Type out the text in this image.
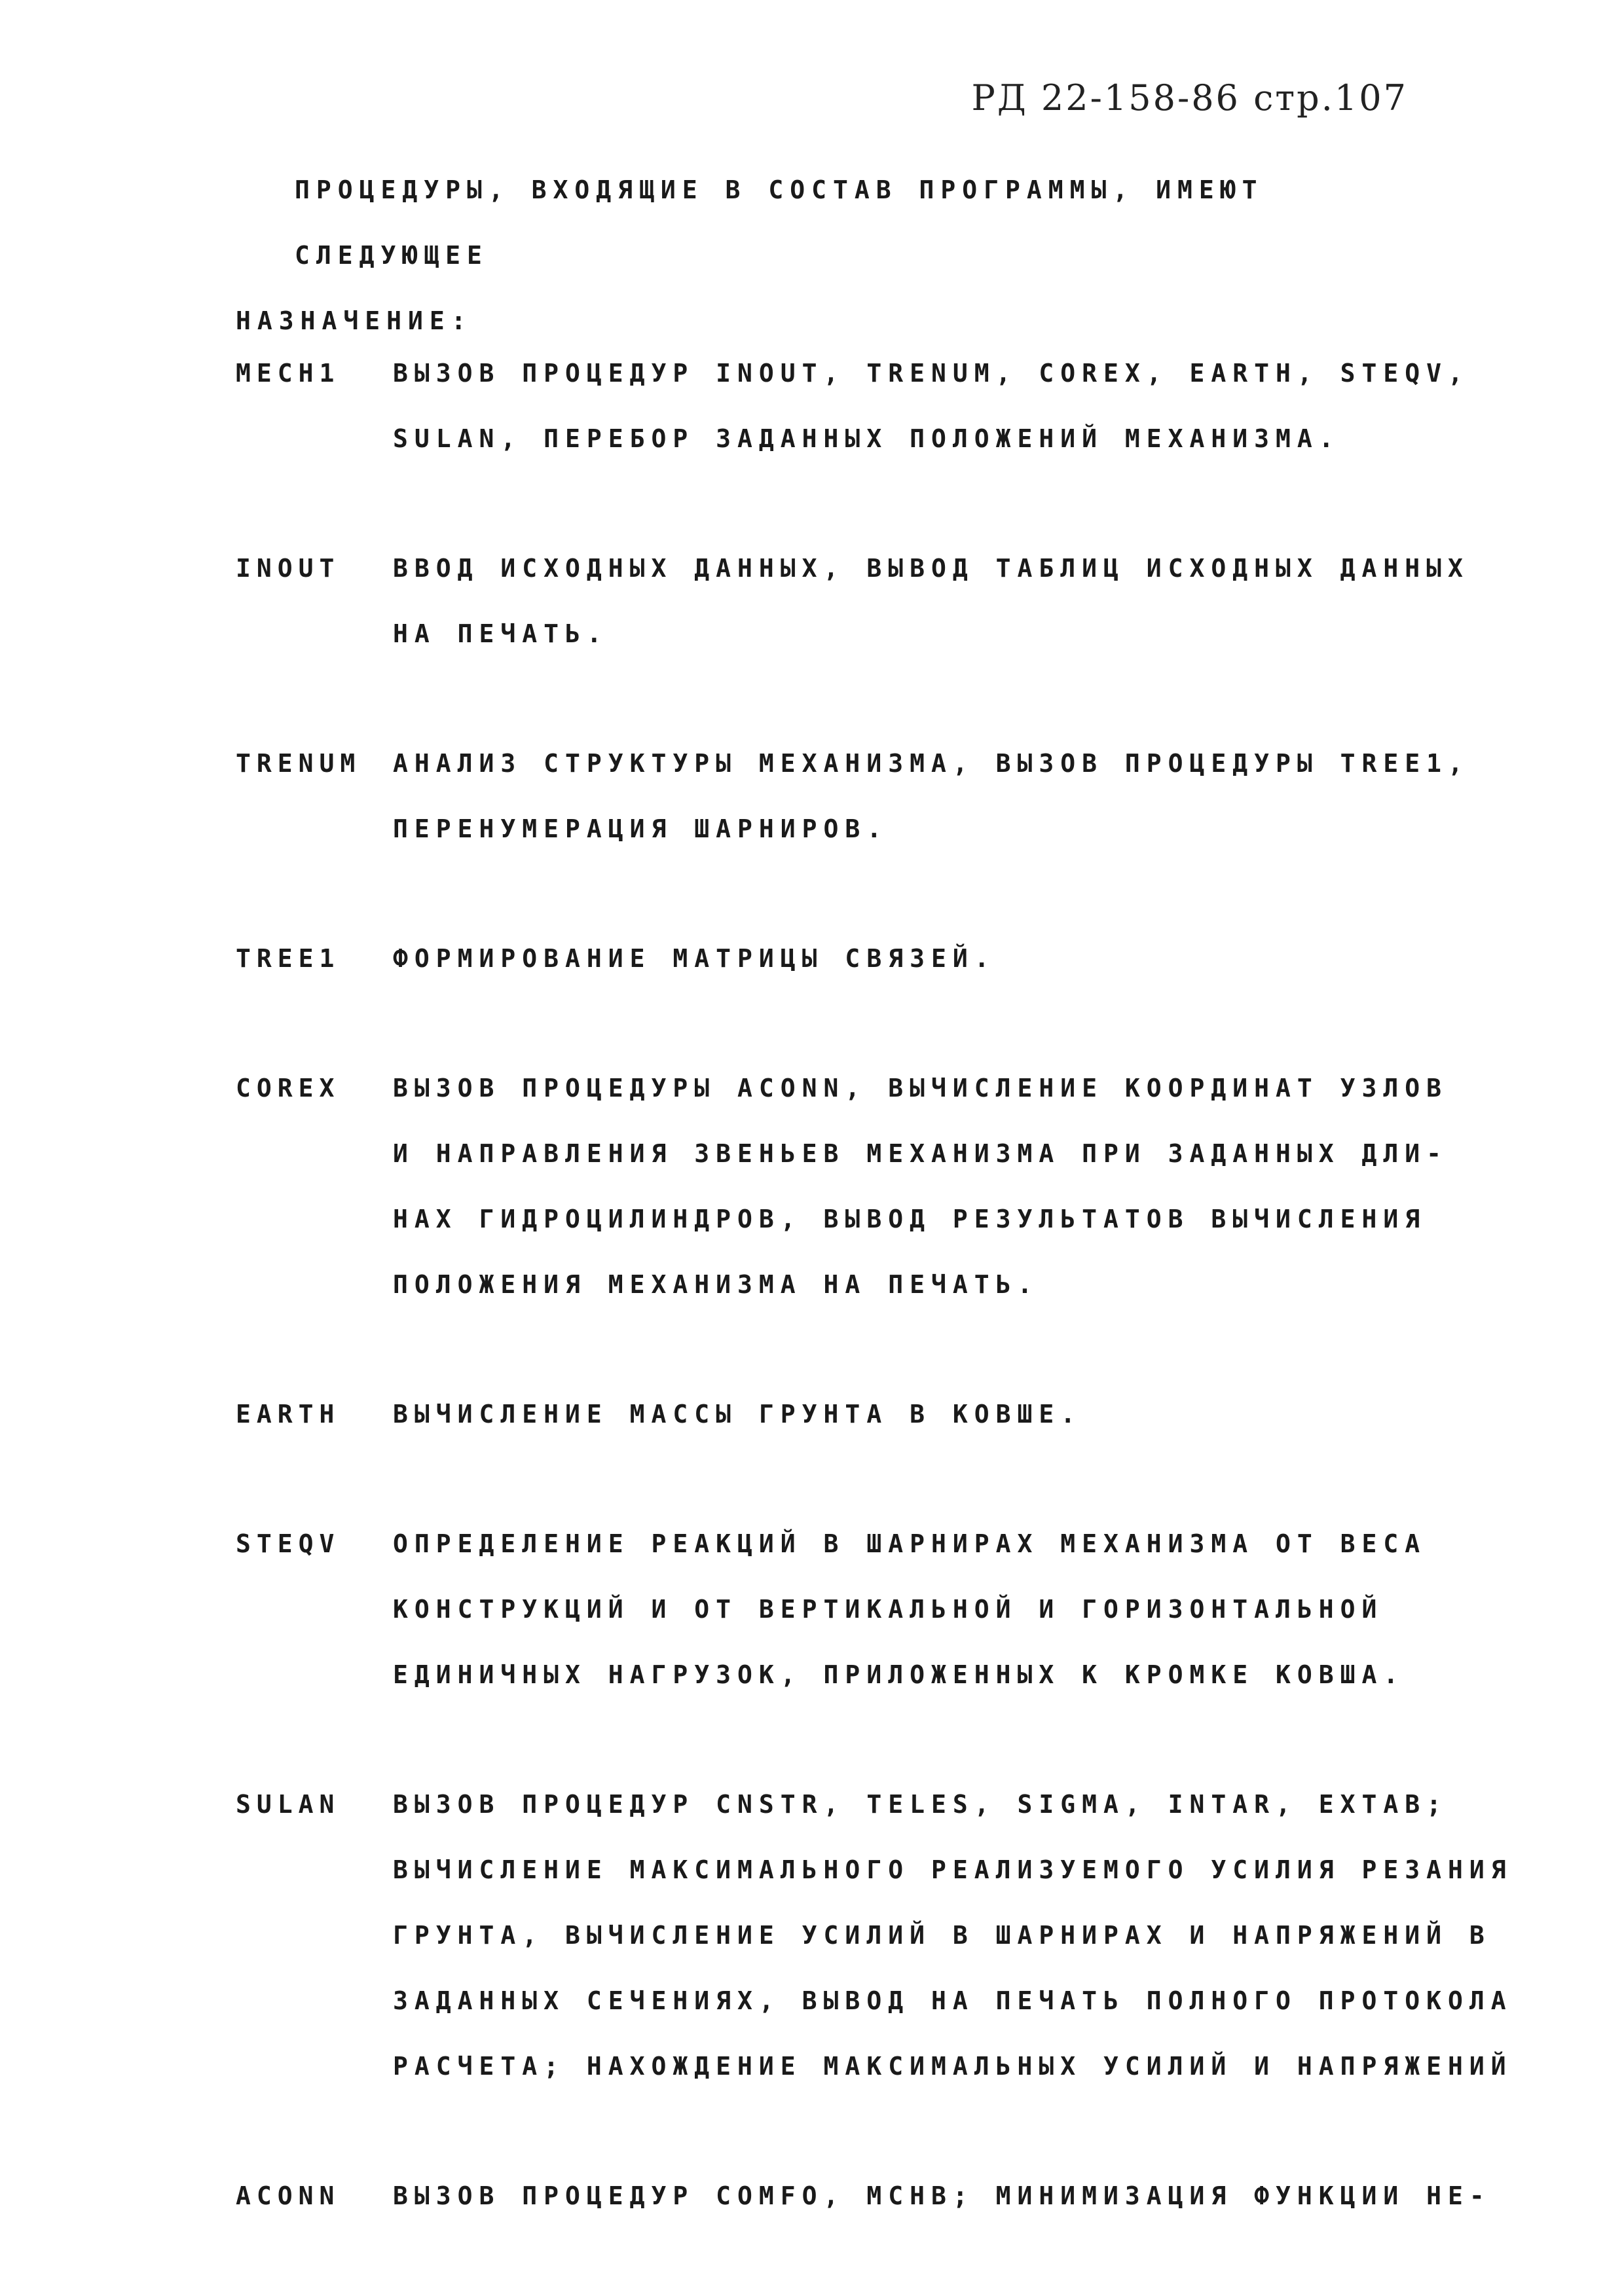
РД 22-158-86 стр.107
ПРОЦЕДУРЫ, ВХОДЯЩИЕ В СОСТАВ ПРОГРАММЫ, ИМЕЮТ СЛЕДУЮЩЕЕ
НАЗНАЧЕНИЕ:
MECH1	ВЫЗОВ ПРОЦЕДУР INOUT, TRENUM, COREX, EARTH, STEQV,
SULAN, ПЕРЕБОР ЗАДАННЫХ ПОЛОЖЕНИЙ МЕХАНИЗМА.
INOUT	ВВОД ИСХОДНЫХ ДАННЫХ, ВЫВОД ТАБЛИЦ ИСХОДНЫХ ДАННЫХ
НА ПЕЧАТЬ.
TRENUM	АНАЛИЗ СТРУКТУРЫ МЕХАНИЗМА, ВЫЗОВ ПРОЦЕДУРЫ TREE1,
ПЕРЕНУМЕРАЦИЯ ШАРНИРОВ.
TREE1	ФОРМИРОВАНИЕ МАТРИЦЫ СВЯЗЕЙ.
COREX	ВЫЗОВ ПРОЦЕДУРЫ ACONN, ВЫЧИСЛЕНИЕ КООРДИНАТ УЗЛОВ
И НАПРАВЛЕНИЯ ЗВЕНЬЕВ МЕХАНИЗМА ПРИ ЗАДАННЫХ ДЛИ-
НАХ ГИДРОЦИЛИНДРОВ, ВЫВОД РЕЗУЛЬТАТОВ ВЫЧИСЛЕНИЯ
ПОЛОЖЕНИЯ МЕХАНИЗМА НА ПЕЧАТЬ.
EARTH	ВЫЧИСЛЕНИЕ МАССЫ ГРУНТА В КОВШЕ.
STEQV	ОПРЕДЕЛЕНИЕ РЕАКЦИЙ В ШАРНИРАХ МЕХАНИЗМА ОТ ВЕСА
КОНСТРУКЦИЙ И ОТ ВЕРТИКАЛЬНОЙ И ГОРИЗОНТАЛЬНОЙ
ЕДИНИЧНЫХ НАГРУЗОК, ПРИЛОЖЕННЫХ К КРОМКЕ КОВША.
SULAN	ВЫЗОВ ПРОЦЕДУР CNSTR, TELES, SIGMA, INTAR, EXTAB;
ВЫЧИСЛЕНИЕ МАКСИМАЛЬНОГО РЕАЛИЗУЕМОГО УСИЛИЯ РЕЗАНИЯ
ГРУНТА, ВЫЧИСЛЕНИЕ УСИЛИЙ В ШАРНИРАХ И НАПРЯЖЕНИЙ В
ЗАДАННЫХ СЕЧЕНИЯХ, ВЫВОД НА ПЕЧАТЬ ПОЛНОГО ПРОТОКОЛА
РАСЧЕТА; НАХОЖДЕНИЕ МАКСИМАЛЬНЫХ УСИЛИЙ И НАПРЯЖЕНИЙ
ACONN	ВЫЗОВ ПРОЦЕДУР COMFO, MCHB; МИНИМИЗАЦИЯ ФУНКЦИИ НЕ-
